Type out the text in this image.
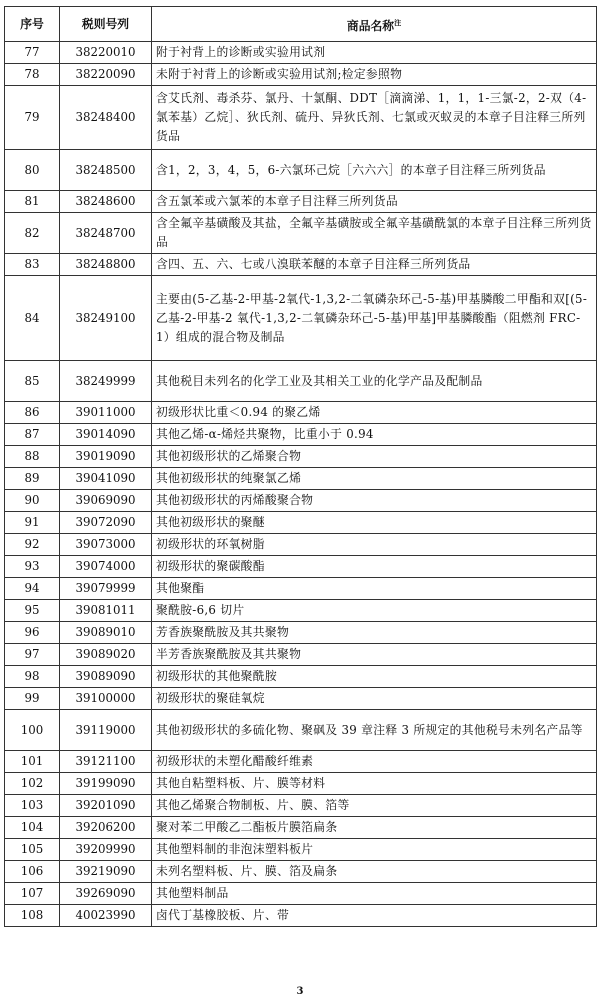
序号	税则号列	商品名称$^注$
77	38220010	附于衬背上的诊断或实验用试剂
78	38220090	未附于衬背上的诊断或实验用试剂;检定参照物
79	38248400	含艾氏剂、毒杀芬、氯丹、十氯酮、DDT［滴滴涕、1，1，1-三氯-2，2-双（4-氯苯基）乙烷］、狄氏剂、硫丹、异狄氏剂、七氯或灭蚁灵的本章子目注释三所列货品
80	38248500	含1，2，3，4，5，6-六氯环己烷［六六六］的本章子目注释三所列货品
81	38248600	含五氯苯或六氯苯的本章子目注释三所列货品
82	38248700	含全氟辛基磺酸及其盐，全氟辛基磺胺或全氟辛基磺酰氯的本章子目注释三所列货品
83	38248800	含四、五、六、七或八溴联苯醚的本章子目注释三所列货品
84	38249100	主要由(5-乙基-2-甲基-2氧代-1,3,2-二氧磷杂环己-5-基)甲基膦酸二甲酯和双[(5-乙基-2-甲基-2 氧代-1,3,2-二氧磷杂环己-5-基)甲基]甲基膦酸酯（阻燃剂 FRC-1）组成的混合物及制品
85	38249999	其他税目未列名的化学工业及其相关工业的化学产品及配制品
86	39011000	初级形状比重＜0.94 的聚乙烯
87	39014090	其他乙烯-α-烯烃共聚物，比重小于 0.94
88	39019090	其他初级形状的乙烯聚合物
89	39041090	其他初级形状的纯聚氯乙烯
90	39069090	其他初级形状的丙烯酸聚合物
91	39072090	其他初级形状的聚醚
92	39073000	初级形状的环氧树脂
93	39074000	初级形状的聚碳酸酯
94	39079999	其他聚酯
95	39081011	聚酰胺-6,6 切片
96	39089010	芳香族聚酰胺及其共聚物
97	39089020	半芳香族聚酰胺及其共聚物
98	39089090	初级形状的其他聚酰胺
99	39100000	初级形状的聚硅氧烷
100	39119000	其他初级形状的多硫化物、聚砜及 39 章注释 3 所规定的其他税号未列名产品等
101	39121100	初级形状的未塑化醋酸纤维素
102	39199090	其他自粘塑料板、片、膜等材料
103	39201090	其他乙烯聚合物制板、片、膜、箔等
104	39206200	聚对苯二甲酸乙二酯板片膜箔扁条
105	39209990	其他塑料制的非泡沫塑料板片
106	39219090	未列名塑料板、片、膜、箔及扁条
107	39269090	其他塑料制品
108	40023990	卤代丁基橡胶板、片、带
3
